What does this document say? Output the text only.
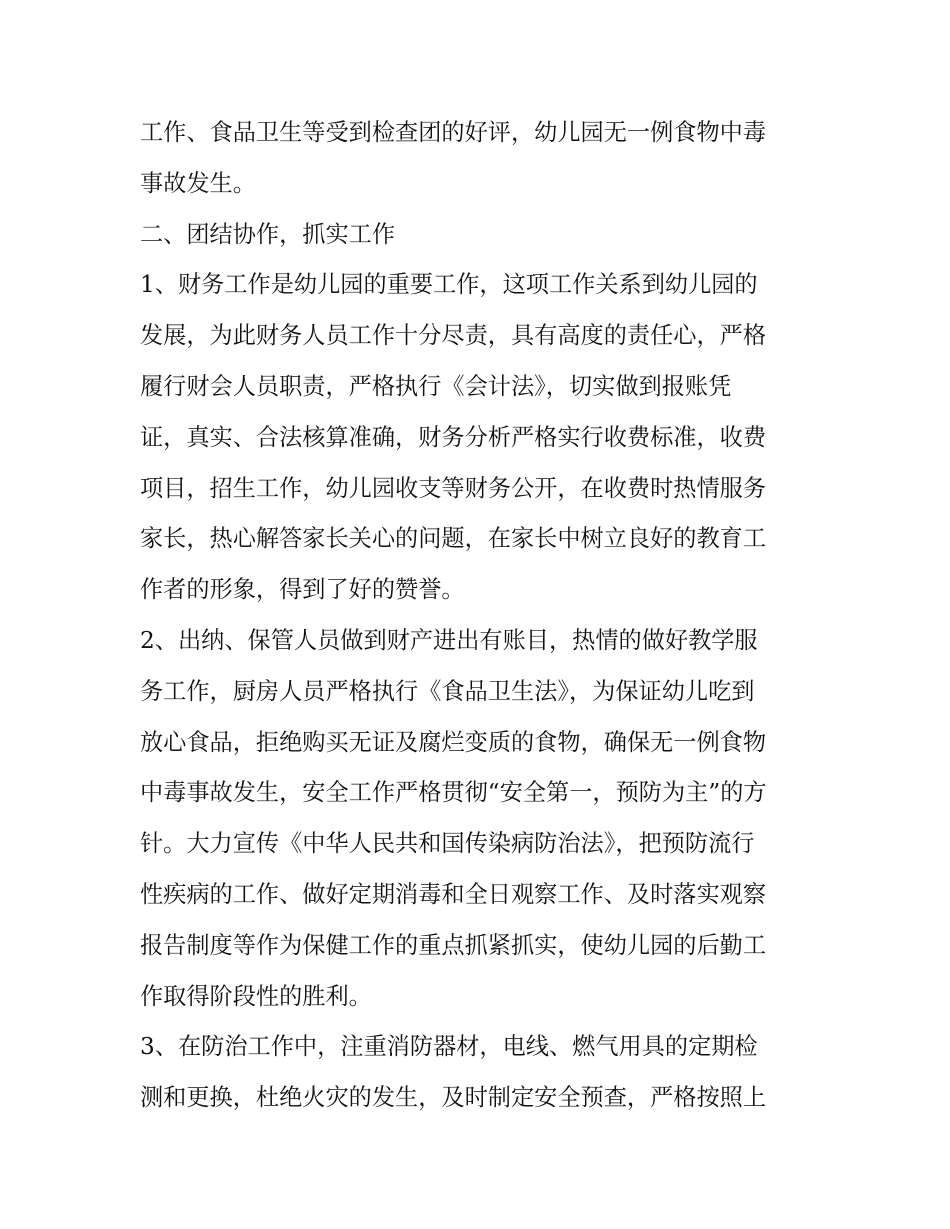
工作、食品卫生等受到检查团的好评，幼儿园无一例食物中毒
事故发生。
二、团结协作，抓实工作
1、财务工作是幼儿园的重要工作，这项工作关系到幼儿园的
发展，为此财务人员工作十分尽责，具有高度的责任心，严格
履行财会人员职责，严格执行《会计法》，切实做到报账凭
证，真实、合法核算准确，财务分析严格实行收费标准，收费
项目，招生工作，幼儿园收支等财务公开，在收费时热情服务
家长，热心解答家长关心的问题，在家长中树立良好的教育工
作者的形象，得到了好的赞誉。
2、出纳、保管人员做到财产进出有账目，热情的做好教学服
务工作，厨房人员严格执行《食品卫生法》，为保证幼儿吃到
放心食品，拒绝购买无证及腐烂变质的食物，确保无一例食物
中毒事故发生，安全工作严格贯彻“安全第一，预防为主”的方
针。大力宣传《中华人民共和国传染病防治法》，把预防流行
性疾病的工作、做好定期消毒和全日观察工作、及时落实观察
报告制度等作为保健工作的重点抓紧抓实，使幼儿园的后勤工
作取得阶段性的胜利。
3、在防治工作中，注重消防器材，电线、燃气用具的定期检
测和更换，杜绝火灾的发生，及时制定安全预查，严格按照上
